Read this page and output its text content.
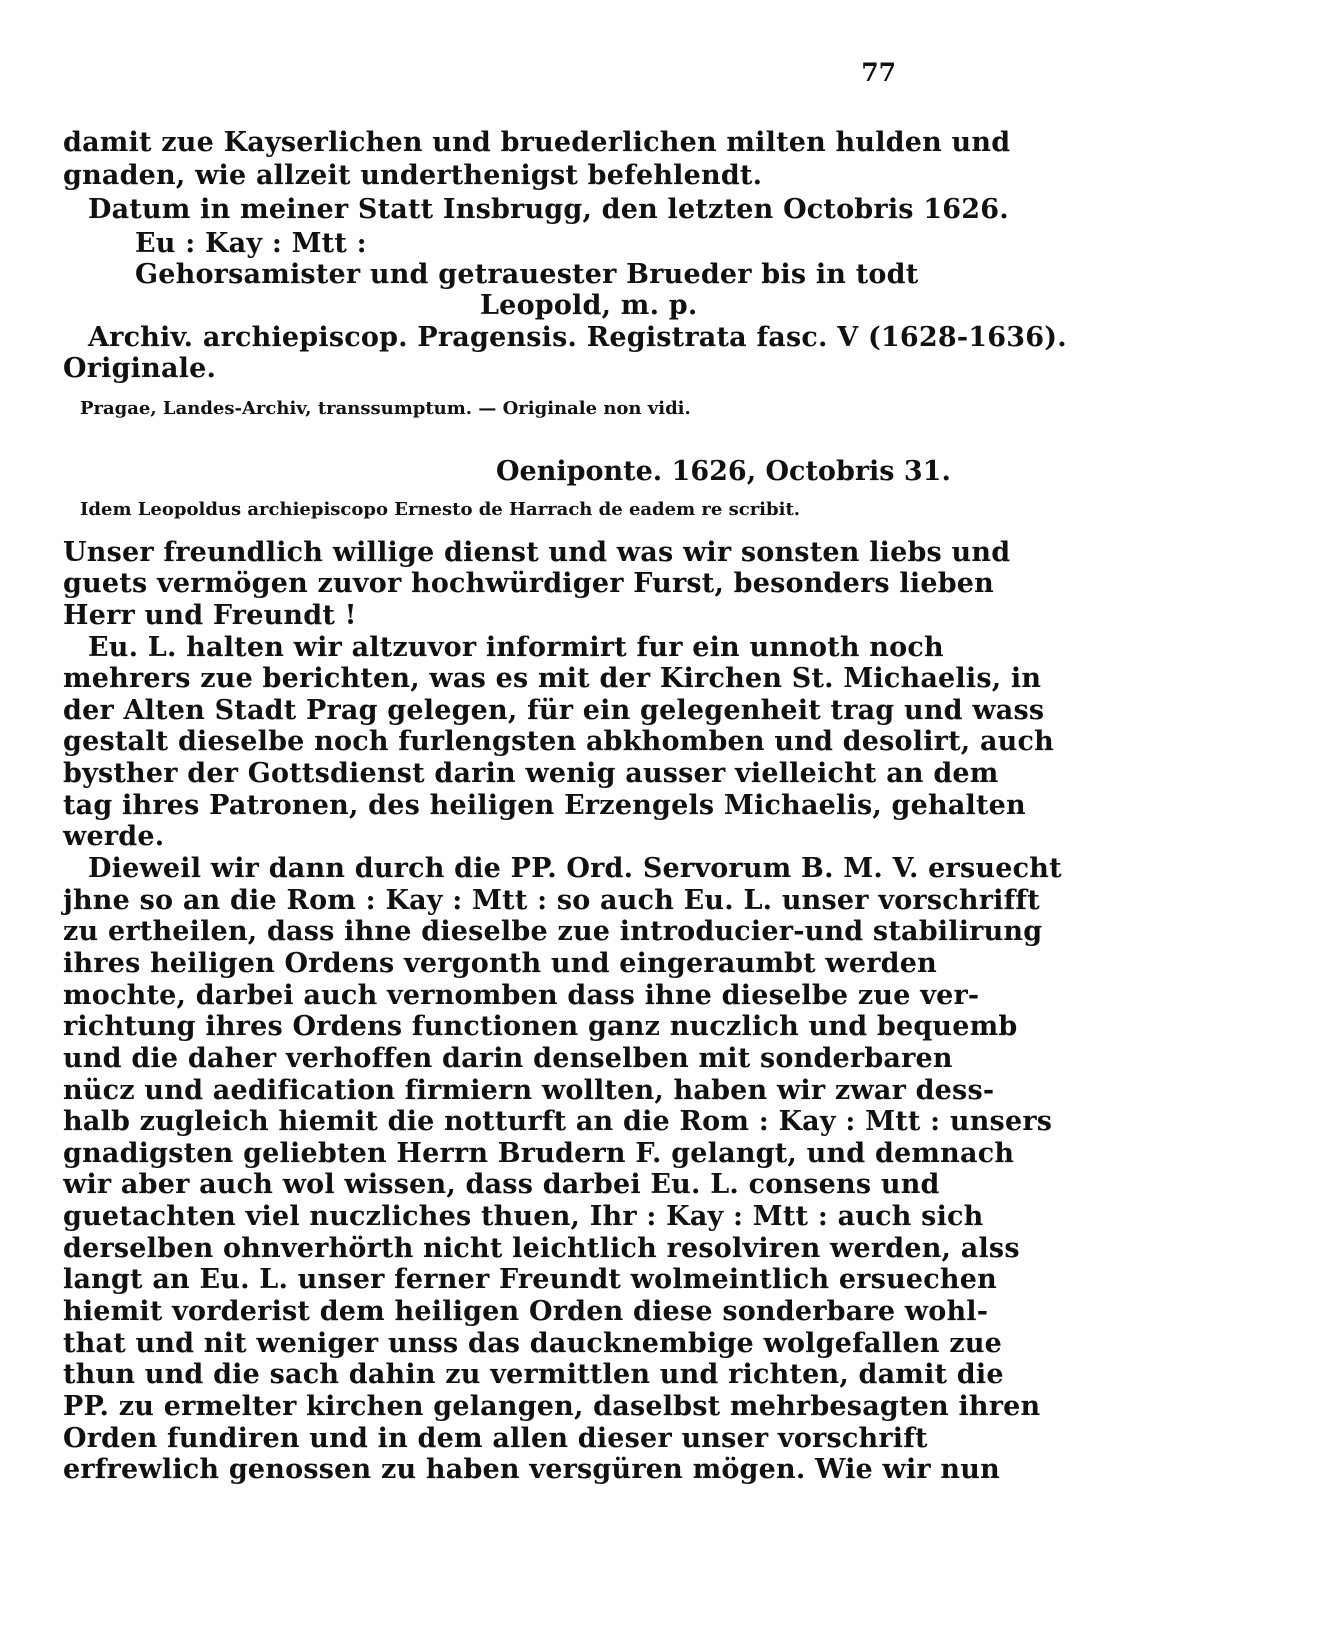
77
damit zue Kayserlichen und bruederlichen milten hulden und
gnaden, wie allzeit underthenigst befehlendt.
Datum in meiner Statt Insbrugg, den letzten Octobris 1626.
Eu : Kay : Mtt :
Gehorsamister und getrauester Brueder bis in todt
Leopold, m. p.
Archiv. archiepiscop. Pragensis. Registrata fasc. V (1628-1636).
Originale.
Pragae, Landes-Archiv, transsumptum. — Originale non vidi.
Oeniponte. 1626, Octobris 31.
Idem Leopoldus archiepiscopo Ernesto de Harrach de eadem re scribit.
Unser freundlich willige dienst und was wir sonsten liebs und
guets vermögen zuvor hochwürdiger Furst, besonders lieben
Herr und Freundt !
Eu. L. halten wir altzuvor informirt fur ein unnoth noch
mehrers zue berichten, was es mit der Kirchen St. Michaelis, in
der Alten Stadt Prag gelegen, für ein gelegenheit trag und wass
gestalt dieselbe noch furlengsten abkhomben und desolirt, auch
bysther der Gottsdienst darin wenig ausser vielleicht an dem
tag ihres Patronen, des heiligen Erzengels Michaelis, gehalten
werde.
Dieweil wir dann durch die PP. Ord. Servorum B. M. V. ersuecht
jhne so an die Rom : Kay : Mtt : so auch Eu. L. unser vorschrifft
zu ertheilen, dass ihne dieselbe zue introducier-und stabilirung
ihres heiligen Ordens vergonth und eingeraumbt werden
mochte, darbei auch vernomben dass ihne dieselbe zue ver-
richtung ihres Ordens functionen ganz nuczlich und bequemb
und die daher verhoffen darin denselben mit sonderbaren
nücz und aedification firmiern wollten, haben wir zwar dess-
halb zugleich hiemit die notturft an die Rom : Kay : Mtt : unsers
gnadigsten geliebten Herrn Brudern F. gelangt, und demnach
wir aber auch wol wissen, dass darbei Eu. L. consens und
guetachten viel nuczliches thuen, Ihr : Kay : Mtt : auch sich
derselben ohnverhörth nicht leichtlich resolviren werden, alss
langt an Eu. L. unser ferner Freundt wolmeintlich ersuechen
hiemit vorderist dem heiligen Orden diese sonderbare wohl-
that und nit weniger unss das daucknembige wolgefallen zue
thun und die sach dahin zu vermittlen und richten, damit die
PP. zu ermelter kirchen gelangen, daselbst mehrbesagten ihren
Orden fundiren und in dem allen dieser unser vorschrift
erfrewlich genossen zu haben versgüren mögen. Wie wir nun
